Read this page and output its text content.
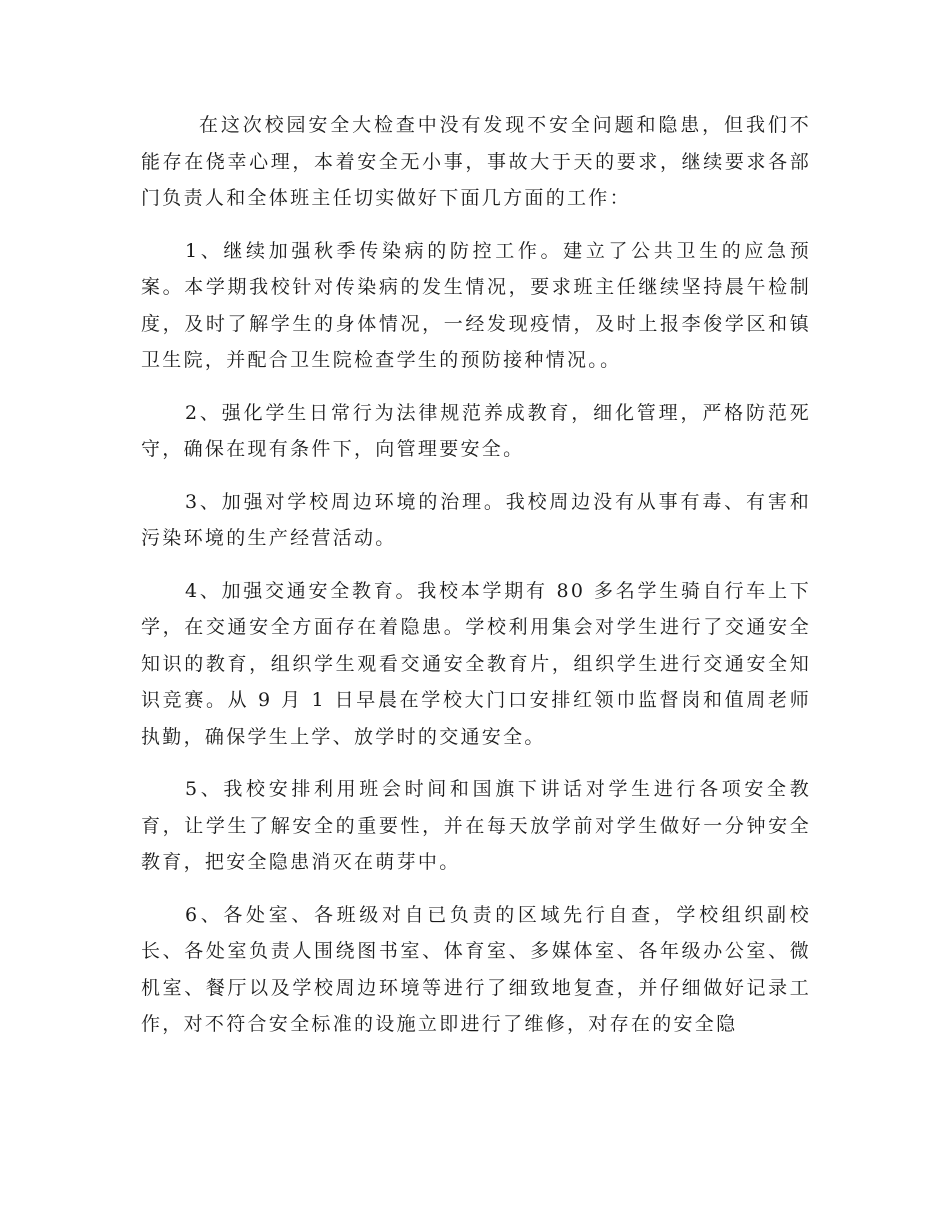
在这次校园安全大检查中没有发现不安全问题和隐患，但我们不能存在侥幸心理，本着安全无小事，事故大于天的要求，继续要求各部门负责人和全体班主任切实做好下面几方面的工作：

1、继续加强秋季传染病的防控工作。建立了公共卫生的应急预案。本学期我校针对传染病的发生情况，要求班主任继续坚持晨午检制度，及时了解学生的身体情况，一经发现疫情，及时上报李俊学区和镇卫生院，并配合卫生院检查学生的预防接种情况。。

2、强化学生日常行为法律规范养成教育，细化管理，严格防范死守，确保在现有条件下，向管理要安全。

3、加强对学校周边环境的治理。我校周边没有从事有毒、有害和污染环境的生产经营活动。

4、加强交通安全教育。我校本学期有 80 多名学生骑自行车上下学，在交通安全方面存在着隐患。学校利用集会对学生进行了交通安全知识的教育，组织学生观看交通安全教育片，组织学生进行交通安全知识竞赛。从 9 月 1 日早晨在学校大门口安排红领巾监督岗和值周老师执勤，确保学生上学、放学时的交通安全。

5、我校安排利用班会时间和国旗下讲话对学生进行各项安全教育，让学生了解安全的重要性，并在每天放学前对学生做好一分钟安全教育，把安全隐患消灭在萌芽中。

6、各处室、各班级对自已负责的区域先行自查，学校组织副校长、各处室负责人围绕图书室、体育室、多媒体室、各年级办公室、微机室、餐厅以及学校周边环境等进行了细致地复查，并仔细做好记录工作，对不符合安全标准的设施立即进行了维修，对存在的安全隐
